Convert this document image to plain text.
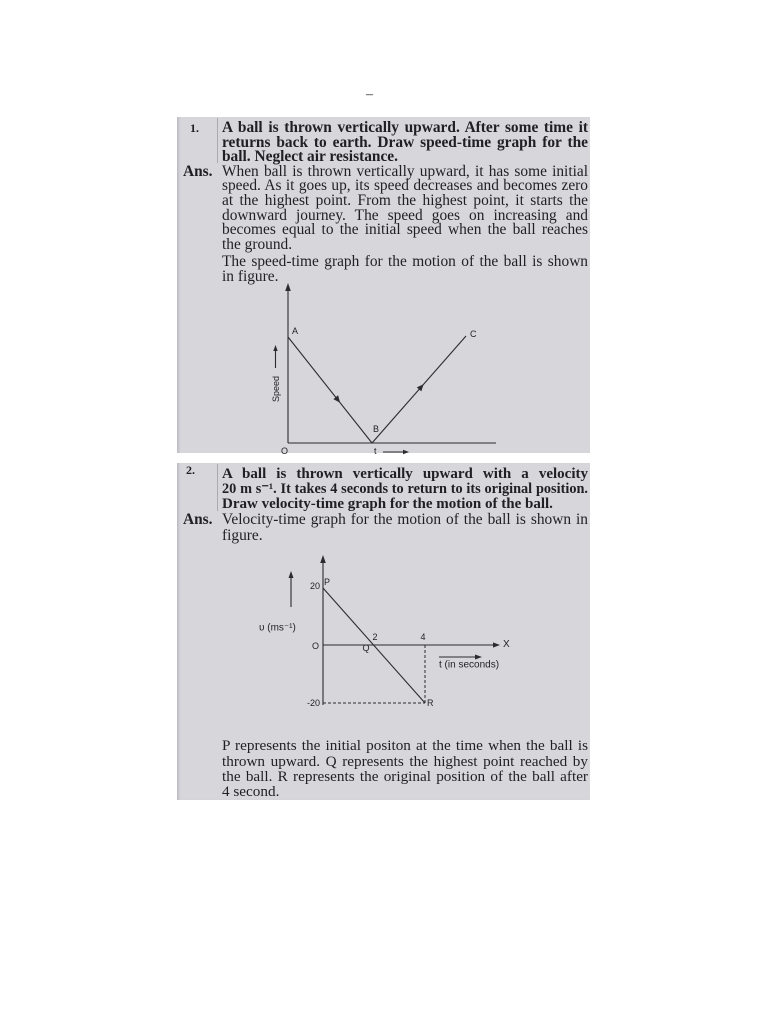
–
1.
Ans.
A ball is thrown vertically upward. After some time it
returns back to earth. Draw speed-time graph for the
ball. Neglect air resistance.
When ball is thrown vertically upward, it has some initial
speed. As it goes up, its speed decreases and becomes zero
at the highest point. From the highest point, it starts the
downward journey. The speed goes on increasing and
becomes equal to the initial speed when the ball reaches
the ground.
The speed-time graph for the motion of the ball is shown
in figure.
A
B
C
O	t
Speed
2. A ball is thrown vertically upward with a velocity
20 m s⁻¹. It takes 4 seconds to return to its original position.
Draw velocity-time graph for the motion of the ball.
Ans. Velocity-time graph for the motion of the ball is shown in
figure.
20
-20
2	4
P
Q
R
O	X
t (in seconds)
υ (ms⁻¹)
P represents the initial positon at the time when the ball is
thrown upward. Q represents the highest point reached by
the ball. R represents the original position of the ball after
4 second.
